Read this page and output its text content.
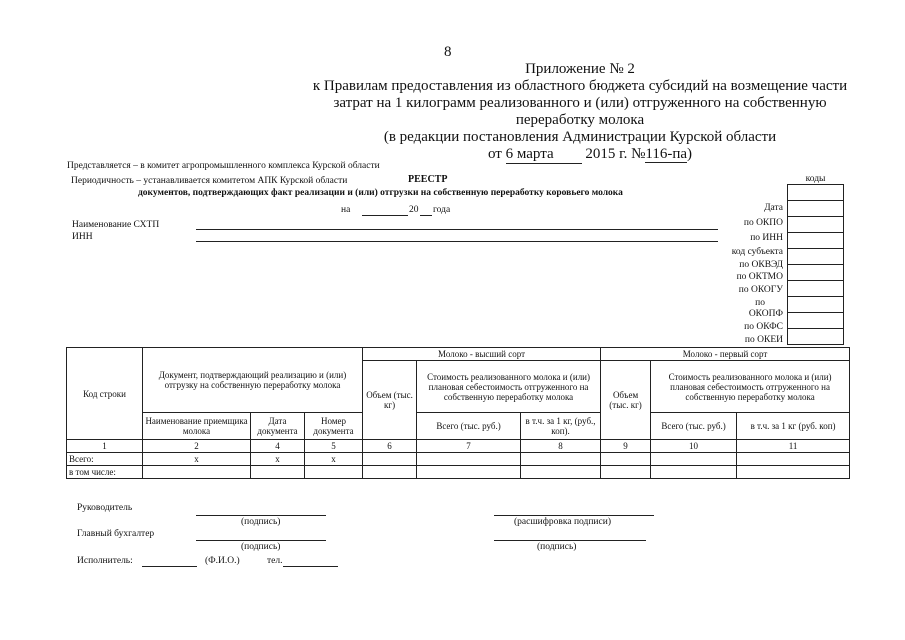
8
Приложение № 2
к Правилам предоставления из областного бюджета субсидий на возмещение части
затрат на 1 килограмм реализованного и (или) отгруженного на собственную
переработку молока
(в редакции постановления Администрации Курской области
от 6 марта 2015 г. №116-па)
Представляется – в комитет агропромышленного комплекса Курской области
Периодичность – устанавливается комитетом АПК Курской области	РЕЕСТР
документов, подтверждающих факт реализации и (или) отгрузки на собственную переработку коровьего молока
на	20 года
Наименование СХТП
ИНН
Дата
по ОКПО
по ИНН
код субъекта
по ОКВЭД
по ОКТМО
по ОКОГУ
по
ОКОПФ
по ОКФС
по ОКЕИ
коды

Код строки	Документ, подтверждающий реализацию и (или) отгрузку на собственную переработку молока			Молоко - высший сорт			Молоко - первый сорт		
				Объем (тыс. кг)	Стоимость реализованного молока и (или) плановая себестоимость отгруженного на собственную переработку молока		Объем (тыс. кг)	Стоимость реализованного молока и (или) плановая себестоимость отгруженного на собственную переработку молока	
	Наименование приемщика молока	Дата документа	Номер документа		Всего (тыс. руб.)	в т.ч. за 1 кг, (руб., коп).		Всего (тыс. руб.)	в т.ч. за 1 кг (руб. коп)
1	2	4	5	6	7	8	9	10	11
Всего:	x	x	x						
в том числе:									
Руководитель
(подпись)	(расшифровка подписи)
Главный бухгалтер
(подпись)	(подпись)
Исполнитель:	(Ф.И.О.)	тел.
